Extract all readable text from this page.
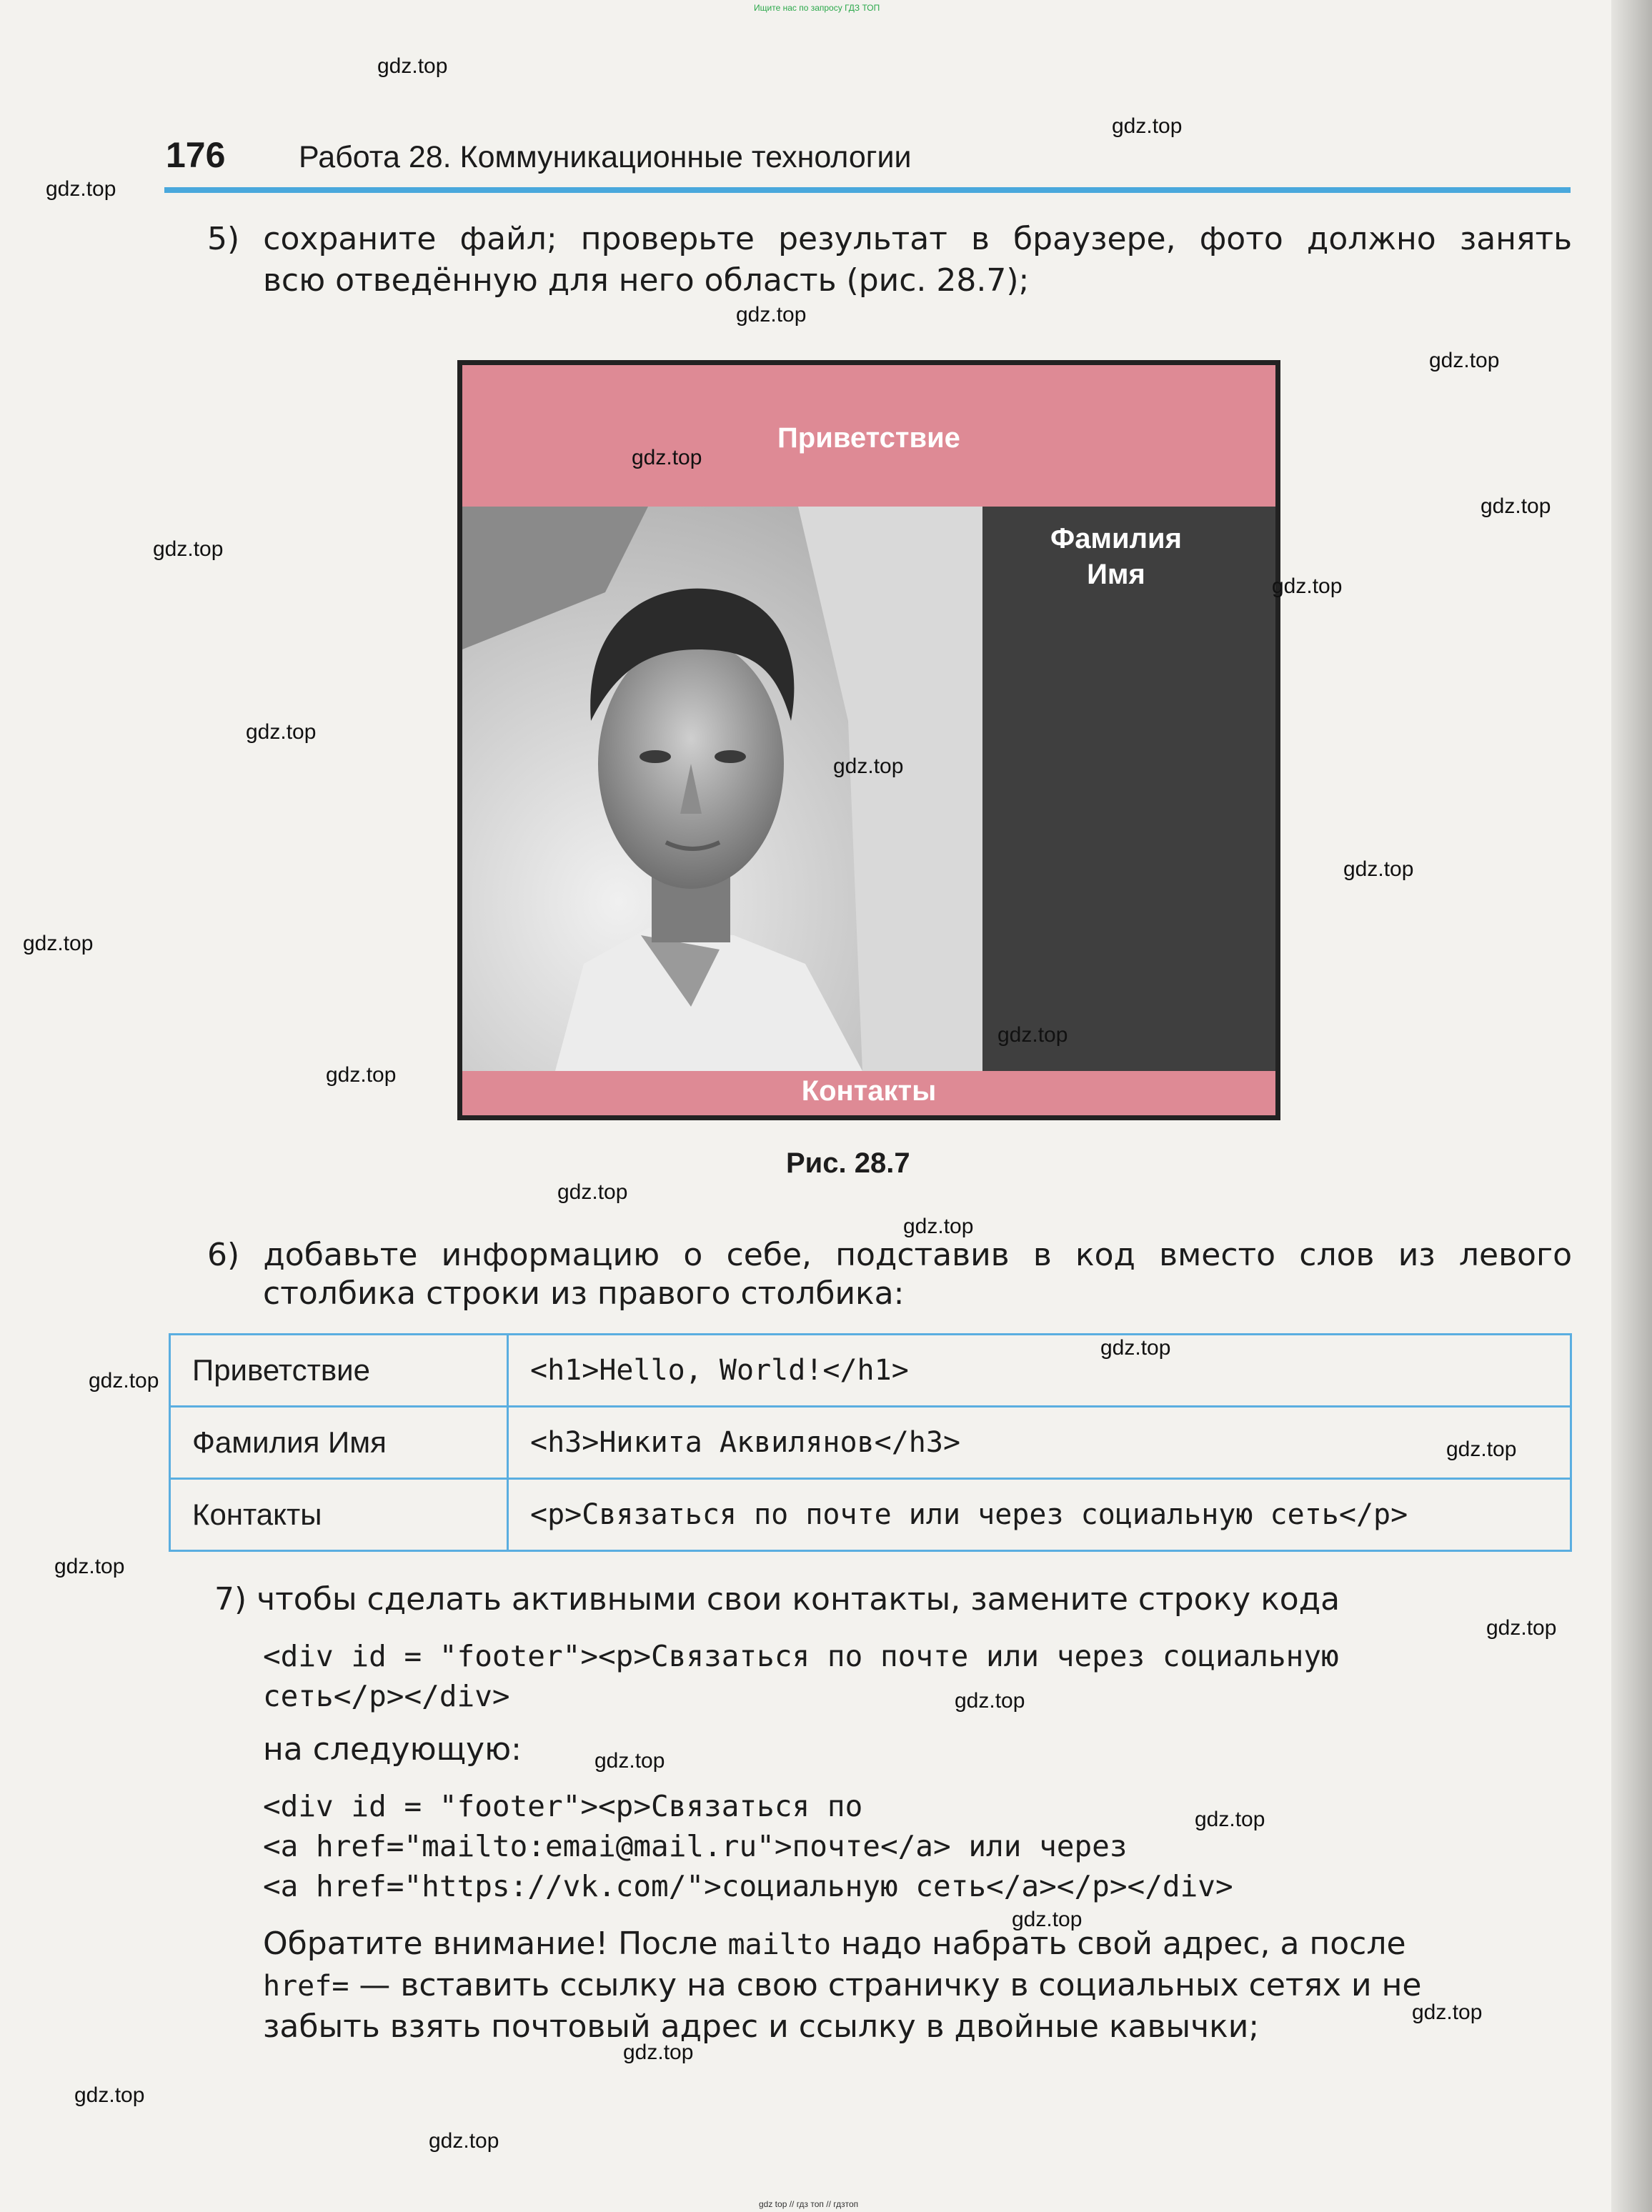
Ищите нас по запросу ГДЗ ТОП
176 Работа 28. Коммуникационные технологии
5) сохраните файл; проверьте результат в браузере, фото должно занять
всю отведённую для него область (рис. 28.7);
Приветствие
Фамилия
Имя
Контакты
Рис. 28.7
6) добавьте информацию о себе, подставив в код вместо слов из левого
столбика строки из правого столбика:
Приветствие	<h1>Hello, World!</h1>
Фамилия Имя	<h3>Никита Аквилянов</h3>
Контакты	<p>Связаться по почте или через социальную сеть</p>
7) чтобы сделать активными свои контакты, замените строку кода
<div id = "footer"><p>Связаться по почте или через социальную
сеть</p></div>
на следующую:
<div id = "footer"><p>Связаться по
<a href="mailto:emai@mail.ru">почте</a> или через
<a href="https://vk.com/">социальную сеть</a></p></div>
Обратите внимание! После mailto надо набрать свой адрес, а после
href= — вставить ссылку на свою страничку в социальных сетях и не
забыть взять почтовый адрес и ссылку в двойные кавычки;
gdz.top
gdz.top
gdz.top
gdz.top
gdz.top
gdz.top
gdz.top
gdz.top
gdz.top
gdz.top
gdz.top
gdz.top
gdz.top
gdz.top
gdz.top
gdz.top
gdz.top
gdz.top
gdz.top
gdz.top
gdz.top
gdz.top
gdz.top
gdz.top
gdz.top
gdz.top
gdz.top
gdz.top
gdz.top
gdz.top
gdz top // гдз топ // гдзтоп
